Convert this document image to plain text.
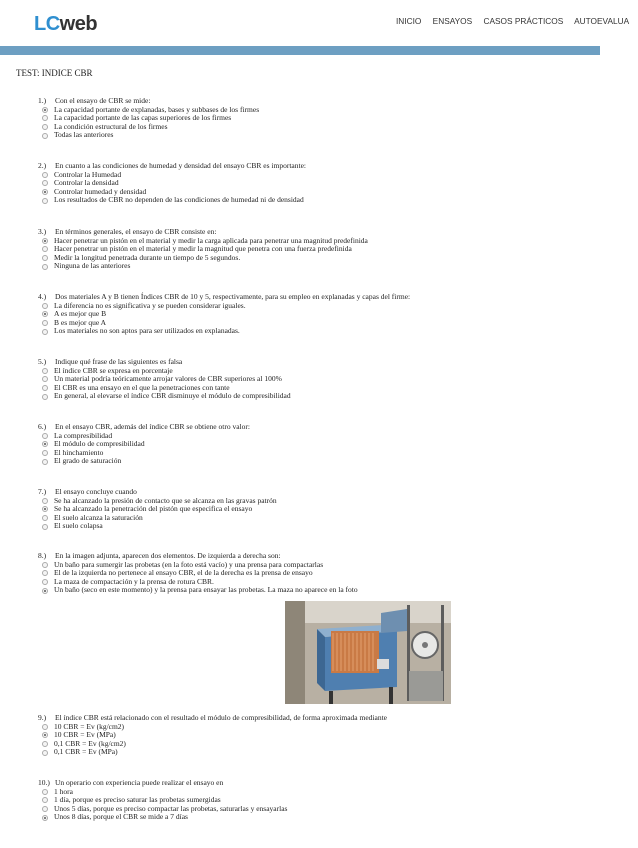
LCweb	INICIO ENSAYOS CASOS PRÁCTICOS AUTOEVALUA
TEST: INDICE CBR
1.)	Con el ensayo de CBR se mide:
La capacidad portante de explanadas, bases y subbases de los firmes
La capacidad portante de las capas superiores de los firmes
La condición estructural de los firmes
Todas las anteriores
2.)	En cuanto a las condiciones de humedad y densidad del ensayo CBR es importante:
Controlar la Humedad
Controlar la densidad
Controlar humedad y densidad
Los resultados de CBR no dependen de las condiciones de humedad ni de densidad
3.)	En términos generales, el ensayo de CBR consiste en:
Hacer penetrar un pistón en el material y medir la carga aplicada para penetrar una magnitud predefinida
Hacer penetrar un pistón en el material y medir la magnitud que penetra con una fuerza predefinida
Medir la longitud penetrada durante un tiempo de 5 segundos.
Ninguna de las anteriores
4.)	Dos materiales A y B tienen Índices CBR de 10 y 5, respectivamente, para su empleo en explanadas y capas del firme:
La diferencia no es significativa y se pueden considerar iguales.
A es mejor que B
B es mejor que A
Los materiales no son aptos para ser utilizados en explanadas.
5.)	Indique qué frase de las siguientes es falsa
El índice CBR se expresa en porcentaje
Un material podría teóricamente arrojar valores de CBR superiores al 100%
El CBR es una ensayo en el que la penetraciones con tante
En general, al elevarse el índice CBR disminuye el módulo de compresibilidad
6.)	En el ensayo CBR, además del índice CBR se obtiene otro valor:
La compresibilidad
El módulo de compresibilidad
El hinchamiento
El grado de saturación
7.)	El ensayo concluye cuando
Se ha alcanzado la presión de contacto que se alcanza en las gravas patrón
Se ha alcanzado la penetración del pistón que especifica el ensayo
El suelo alcanza la saturación
El suelo colapsa
8.)	En la imagen adjunta, aparecen dos elementos. De izquierda a derecha son:
Un baño para sumergir las probetas (en la foto está vacío) y una prensa para compactarlas
El de la izquierda no pertenece al ensayo CBR, el de la derecha es la prensa de ensayo
La maza de compactación y la prensa de rotura CBR.
Un baño (seco en este momento) y la prensa para ensayar las probetas. La maza no aparece en la foto
9.)	El índice CBR está relacionado con el resultado el módulo de compresibilidad, de forma aproximada mediante
10 CBR = Ev (kg/cm2)
10 CBR = Ev (MPa)
0,1 CBR = Ev (kg/cm2)
0,1 CBR = Ev (MPa)
10.) Un operario con experiencia puede realizar el ensayo en
1 hora
1 día, porque es preciso saturar las probetas sumergidas
Unos 5 días, porque es preciso compactar las probetas, saturarlas y ensayarlas
Unos 8 días, porque el CBR se mide a 7 días
